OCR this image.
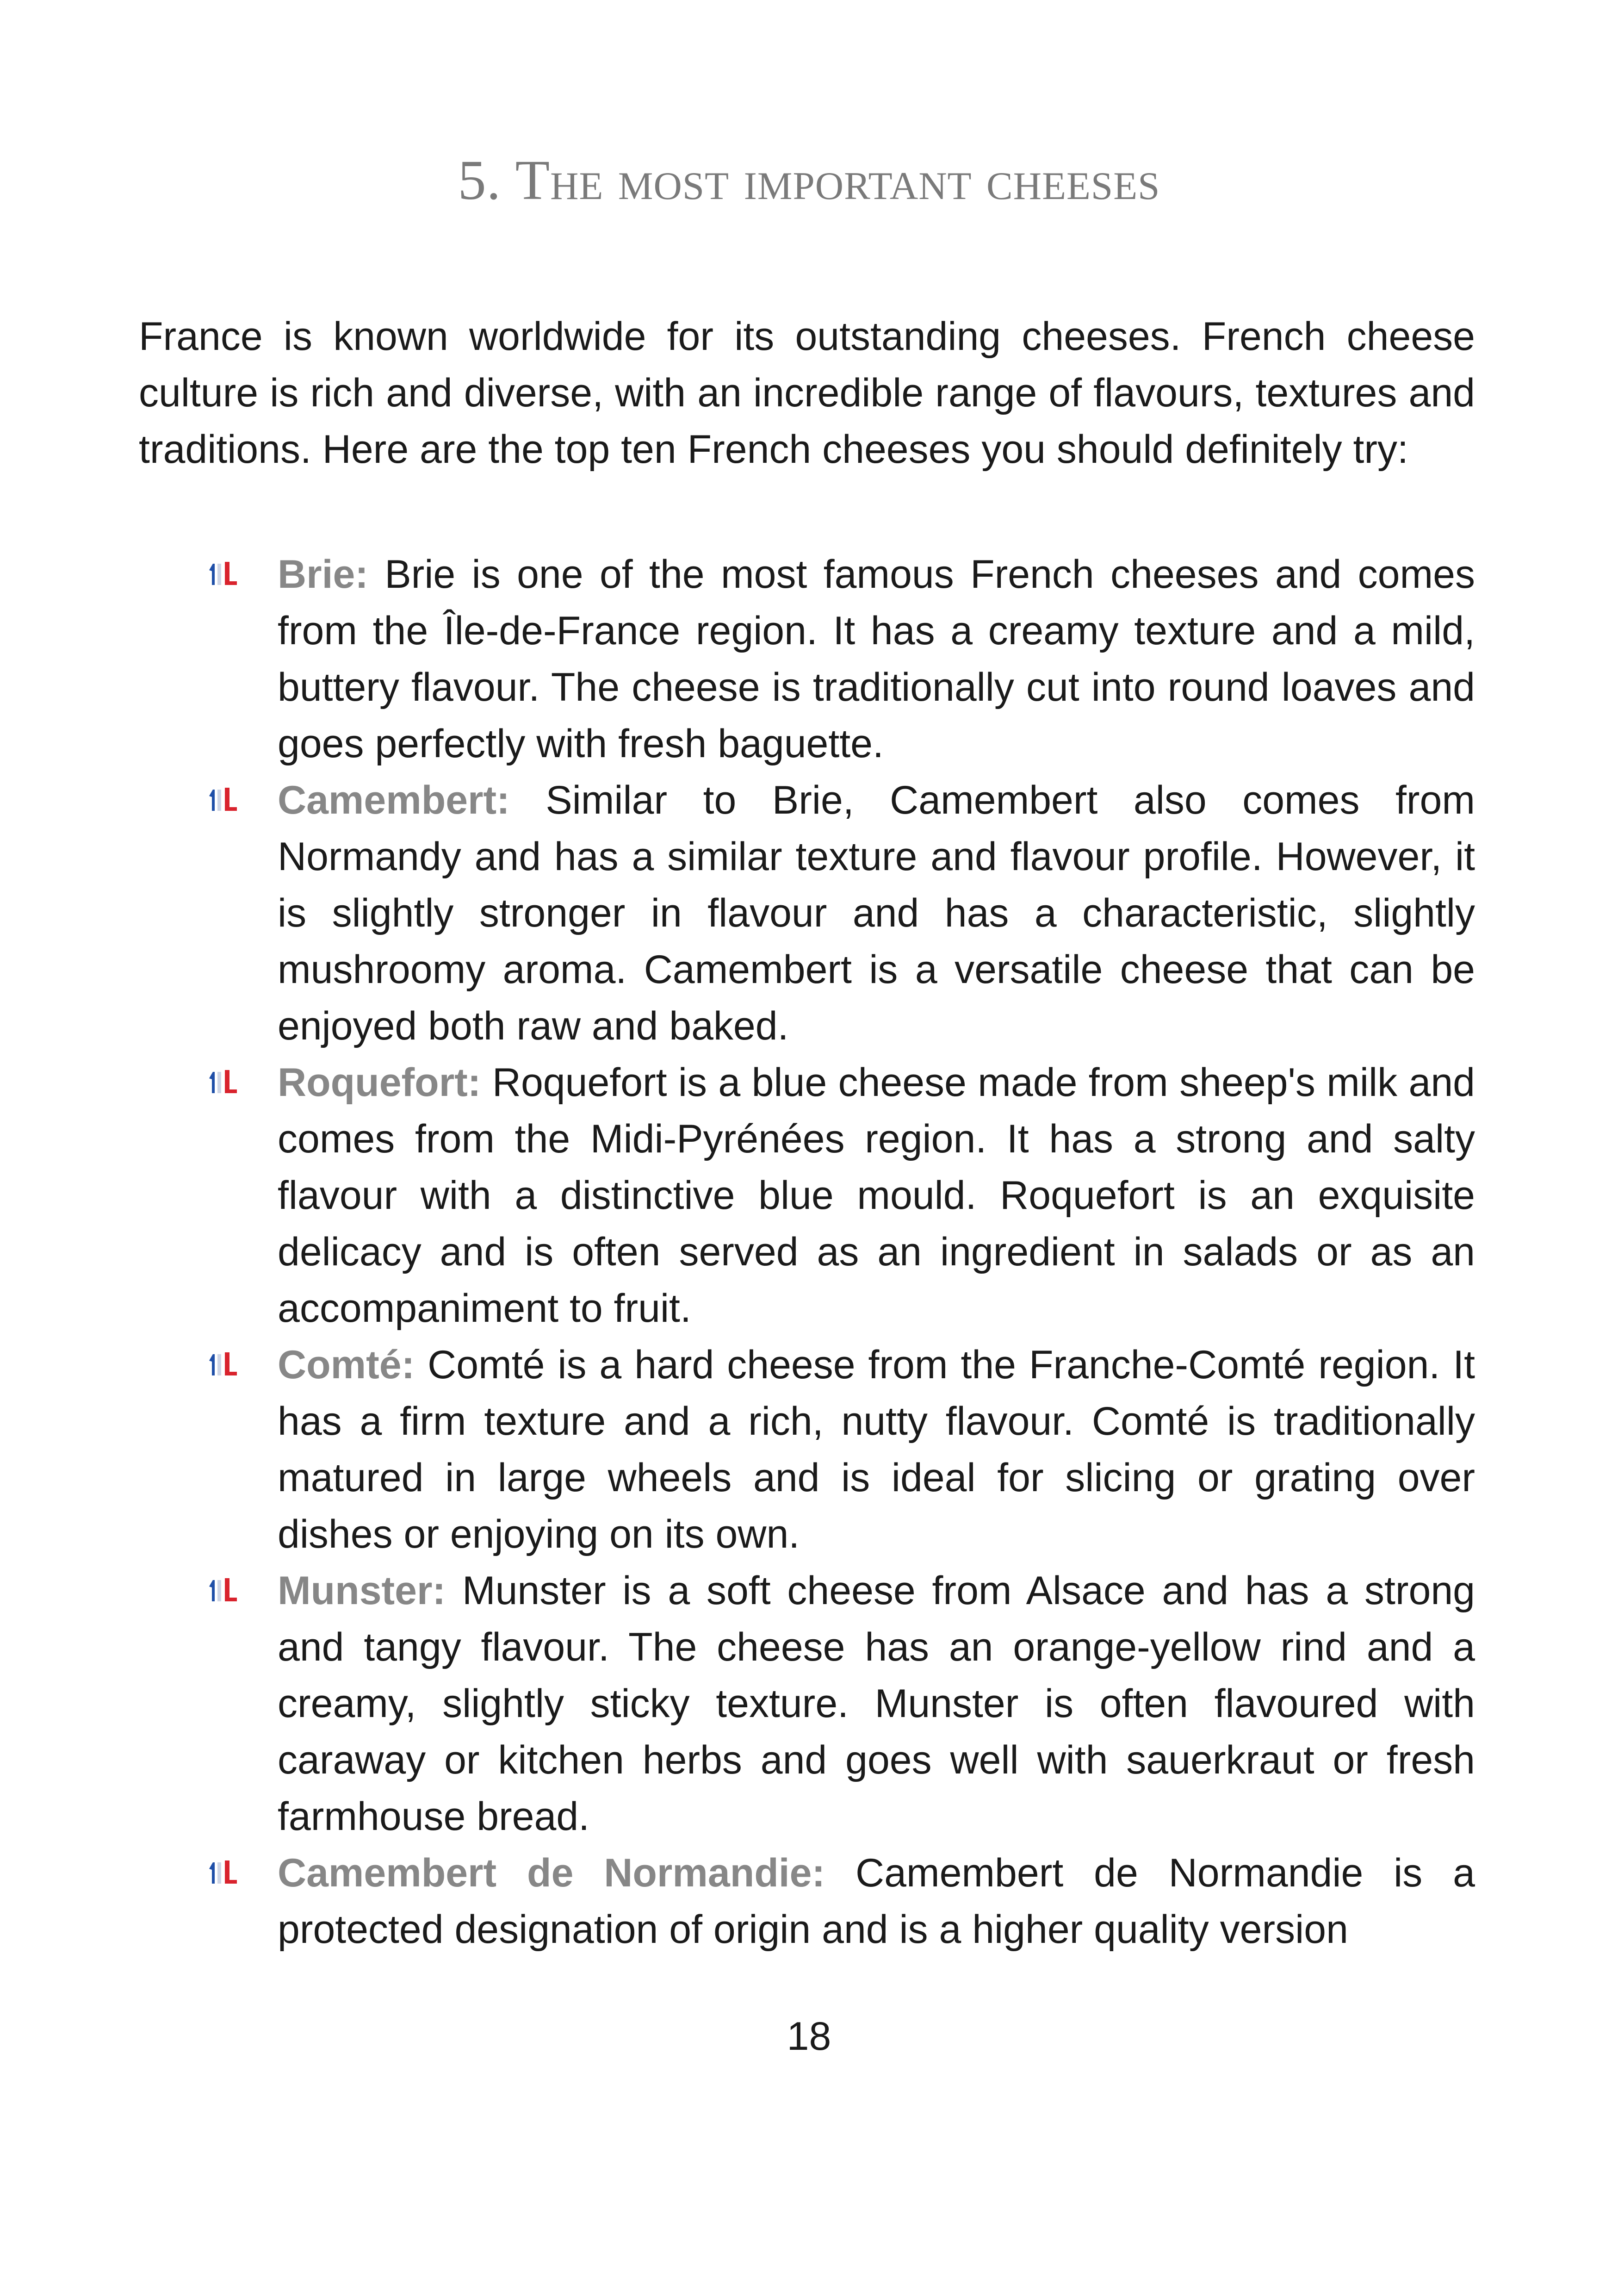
5. The most important cheeses

France is known worldwide for its outstanding cheeses. French cheese culture is rich and diverse, with an incredible range of flavours, textures and traditions. Here are the top ten French cheeses you should definitely try:

Brie: Brie is one of the most famous French cheeses and comes from the Île-de-France region. It has a creamy texture and a mild, buttery flavour. The cheese is traditionally cut into round loaves and goes perfectly with fresh baguette.
Camembert: Similar to Brie, Camembert also comes from Normandy and has a similar texture and flavour profile. However, it is slightly stronger in flavour and has a characteristic, slightly mushroomy aroma. Camembert is a versatile cheese that can be enjoyed both raw and baked.
Roquefort: Roquefort is a blue cheese made from sheep's milk and comes from the Midi-Pyrénées region. It has a strong and salty flavour with a distinctive blue mould. Roquefort is an exquisite delicacy and is often served as an ingredient in salads or as an accompaniment to fruit.
Comté: Comté is a hard cheese from the Franche-Comté region. It has a firm texture and a rich, nutty flavour. Comté is traditionally matured in large wheels and is ideal for slicing or grating over dishes or enjoying on its own.
Munster: Munster is a soft cheese from Alsace and has a strong and tangy flavour. The cheese has an orange-yellow rind and a creamy, slightly sticky texture. Munster is often flavoured with caraway or kitchen herbs and goes well with sauerkraut or fresh farmhouse bread.
Camembert de Normandie: Camembert de Normandie is a protected designation of origin and is a higher quality version
18
